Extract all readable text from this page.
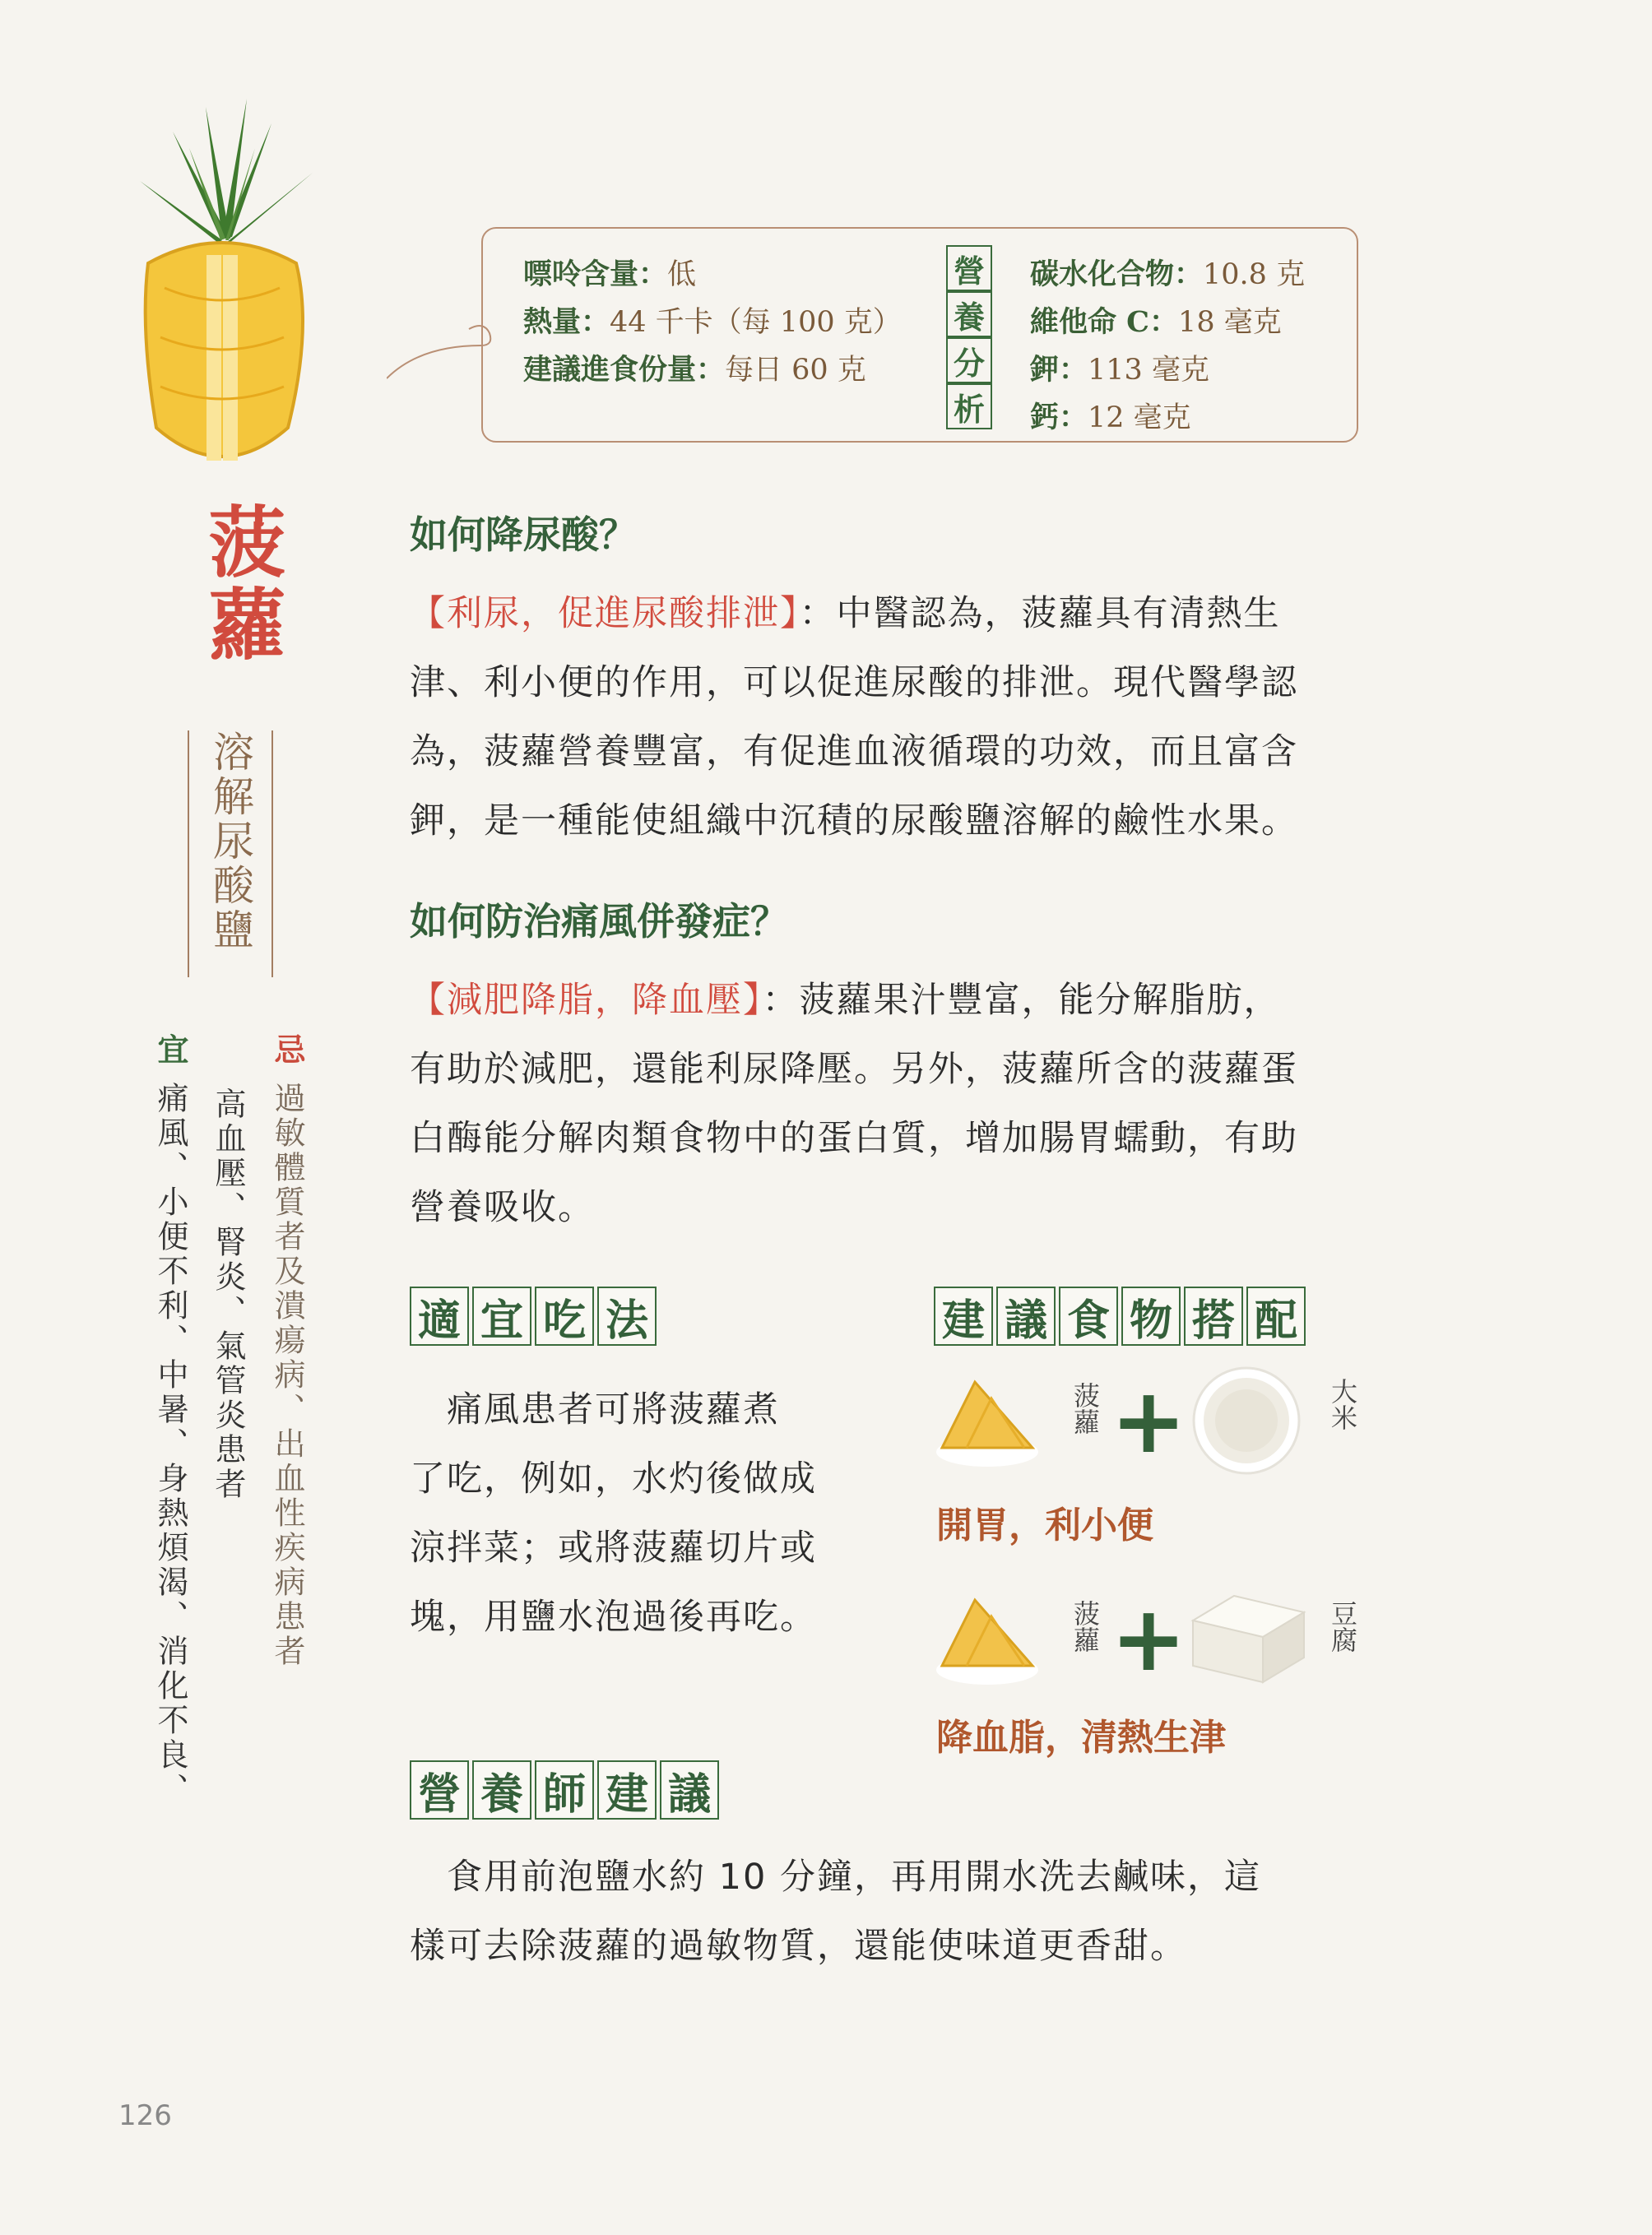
嘌呤含量：低
熱量：44 千卡（每 100 克）
建議進食份量：每日 60 克
營
養
分
析
碳水化合物：10.8 克
維他命 C：18 毫克
鉀：113 毫克
鈣：12 毫克
菠蘿
溶解尿酸鹽
忌
過敏體質者及潰瘍病、出血性疾病患者
高血壓、腎炎、氣管炎患者
宜
痛風、小便不利、中暑、身熱煩渴、消化不良、
如何降尿酸？
【利尿，促進尿酸排泄】：中醫認為，菠蘿具有清熱生
津、利小便的作用，可以促進尿酸的排泄。現代醫學認
為，菠蘿營養豐富，有促進血液循環的功效，而且富含
鉀，是一種能使組織中沉積的尿酸鹽溶解的鹼性水果。
如何防治痛風併發症？
【減肥降脂，降血壓】：菠蘿果汁豐富，能分解脂肪，
有助於減肥，還能利尿降壓。另外，菠蘿所含的菠蘿蛋
白酶能分解肉類食物中的蛋白質，增加腸胃蠕動，有助
營養吸收。
適 宜 吃 法
　痛風患者可將菠蘿煮
了吃，例如，水灼後做成
涼拌菜；或將菠蘿切片或
塊，用鹽水泡過後再吃。
建 議 食 物 搭 配
菠蘿 +	大米
開胃，利小便
菠蘿 +	豆腐
降血脂，清熱生津
營 養 師 建 議
　食用前泡鹽水約 10 分鐘，再用開水洗去鹹味，這
樣可去除菠蘿的過敏物質，還能使味道更香甜。
126
